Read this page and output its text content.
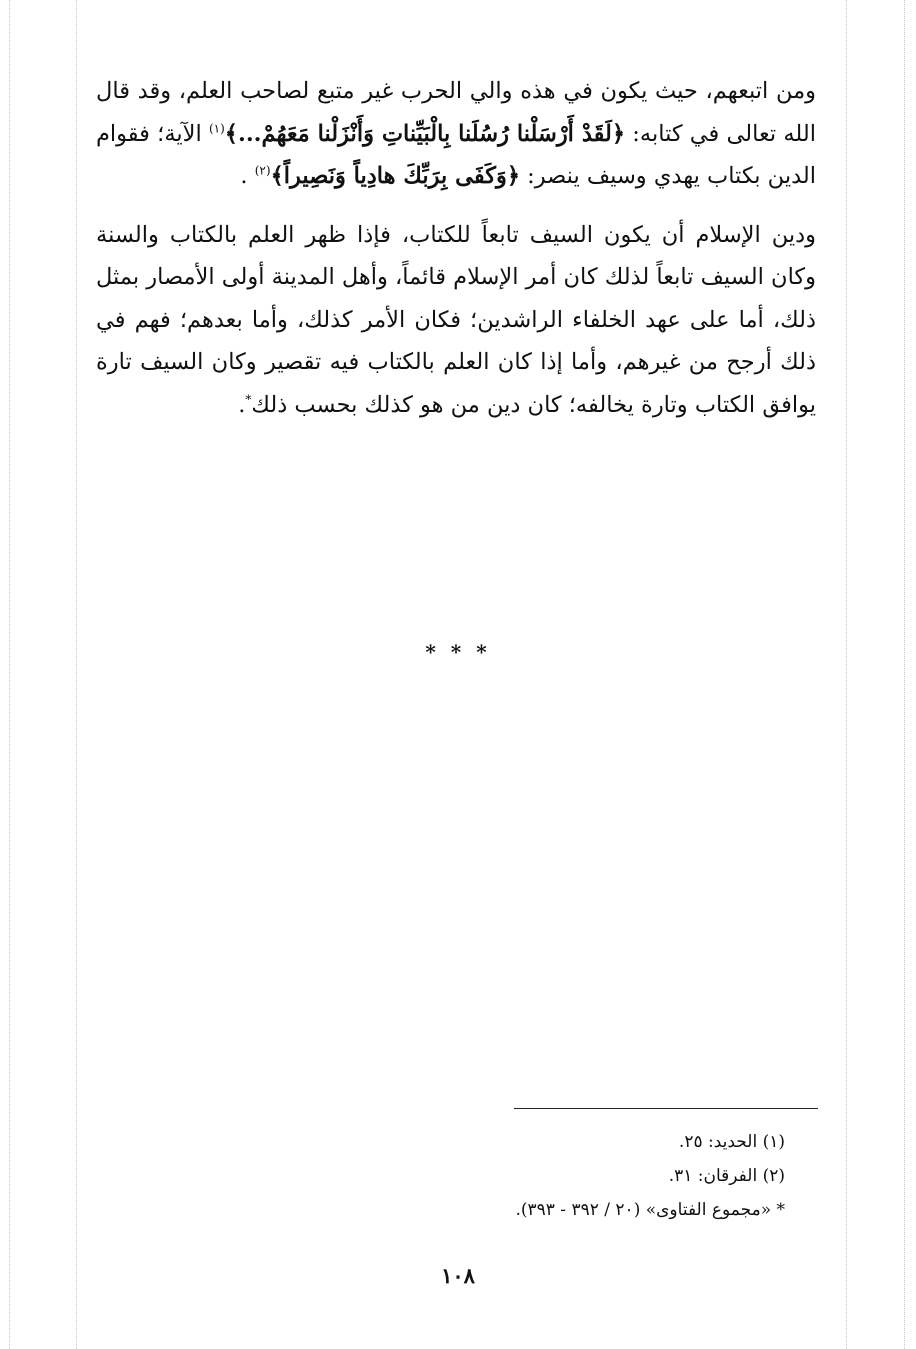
ومن اتبعهم، حيث يكون في هذه والي الحرب غير متبع لصاحب العلم، وقد قال الله تعالى في كتابه: ﴿لَقَدْ أَرْسَلْنا رُسُلَنا بِالْبَيِّناتِ وَأَنْزَلْنا مَعَهُمْ...﴾$^{(١)}$ الآية؛ فقوام الدين بكتاب يهدي وسيف ينصر: ﴿وَكَفَى بِرَبِّكَ هادِياً وَنَصِيراً﴾$^{(٢)}$ .

ودين الإسلام أن يكون السيف تابعاً للكتاب، فإذا ظهر العلم بالكتاب والسنة وكان السيف تابعاً لذلك كان أمر الإسلام قائماً، وأهل المدينة أولى الأمصار بمثل ذلك، أما على عهد الخلفاء الراشدين؛ فكان الأمر كذلك، وأما بعدهم؛ فهم في ذلك أرجح من غيرهم، وأما إذا كان العلم بالكتاب فيه تقصير وكان السيف تارة يوافق الكتاب وتارة يخالفه؛ كان دين من هو كذلك بحسب ذلك*.

* * *

(١) الحديد: ٢٥.

(٢) الفرقان: ٣١.

* «مجموع الفتاوى» (٢٠ / ٣٩٢ - ٣٩٣).

١٠٨
